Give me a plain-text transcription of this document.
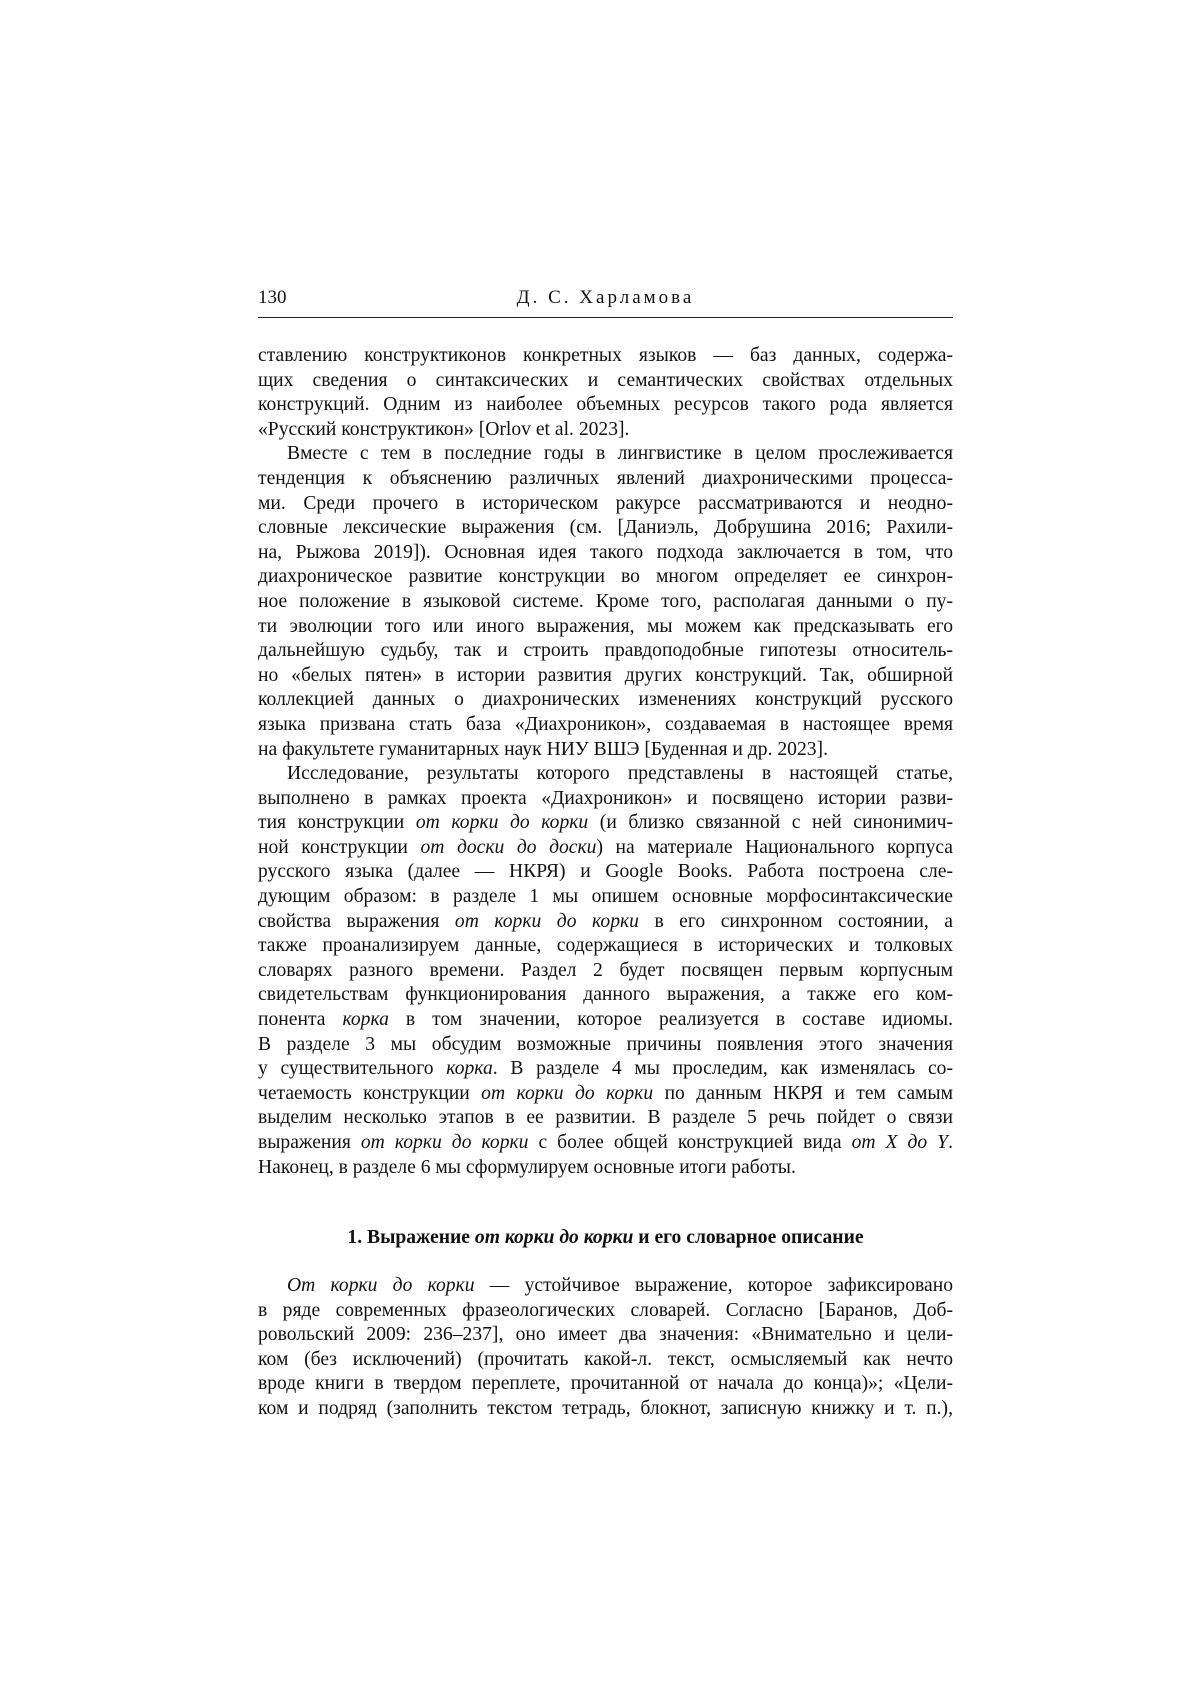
130	Д. С. Харламова

ставлению конструктиконов конкретных языков — баз данных, содержа-
щих сведения о синтаксических и семантических свойствах отдельных
конструкций. Одним из наиболее объемных ресурсов такого рода является
«Русский конструктикон» [Orlov et al. 2023].

Вместе с тем в последние годы в лингвистике в целом прослеживается
тенденция к объяснению различных явлений диахроническими процесса-
ми. Среди прочего в историческом ракурсе рассматриваются и неодно-
словные лексические выражения (см. [Даниэль, Добрушина 2016; Рахили-
на, Рыжова 2019]). Основная идея такого подхода заключается в том, что
диахроническое развитие конструкции во многом определяет ее синхрон-
ное положение в языковой системе. Кроме того, располагая данными о пу-
ти эволюции того или иного выражения, мы можем как предсказывать его
дальнейшую судьбу, так и строить правдоподобные гипотезы относитель-
но «белых пятен» в истории развития других конструкций. Так, обширной
коллекцией данных о диахронических изменениях конструкций русского
языка призвана стать база «Диахроникон», создаваемая в настоящее время
на факультете гуманитарных наук НИУ ВШЭ [Буденная и др. 2023].

Исследование, результаты которого представлены в настоящей статье,
выполнено в рамках проекта «Диахроникон» и посвящено истории разви-
тия конструкции от корки до корки (и близко связанной с ней синонимич-
ной конструкции от доски до доски) на материале Национального корпуса
русского языка (далее — НКРЯ) и Google Books. Работа построена сле-
дующим образом: в разделе 1 мы опишем основные морфосинтаксические
свойства выражения от корки до корки в его синхронном состоянии, а
также проанализируем данные, содержащиеся в исторических и толковых
словарях разного времени. Раздел 2 будет посвящен первым корпусным
свидетельствам функционирования данного выражения, а также его ком-
понента корка в том значении, которое реализуется в составе идиомы.
В разделе 3 мы обсудим возможные причины появления этого значения
у существительного корка. В разделе 4 мы проследим, как изменялась со-
четаемость конструкции от корки до корки по данным НКРЯ и тем самым
выделим несколько этапов в ее развитии. В разделе 5 речь пойдет о связи
выражения от корки до корки с более общей конструкцией вида от X до Y.
Наконец, в разделе 6 мы сформулируем основные итоги работы.

1. Выражение от корки до корки и его словарное описание

От корки до корки — устойчивое выражение, которое зафиксировано
в ряде современных фразеологических словарей. Согласно [Баранов, Доб-
ровольский 2009: 236–237], оно имеет два значения: «Внимательно и цели-
ком (без исключений) (прочитать какой-л. текст, осмысляемый как нечто
вроде книги в твердом переплете, прочитанной от начала до конца)»; «Цели-
ком и подряд (заполнить текстом тетрадь, блокнот, записную книжку и т. п.),
